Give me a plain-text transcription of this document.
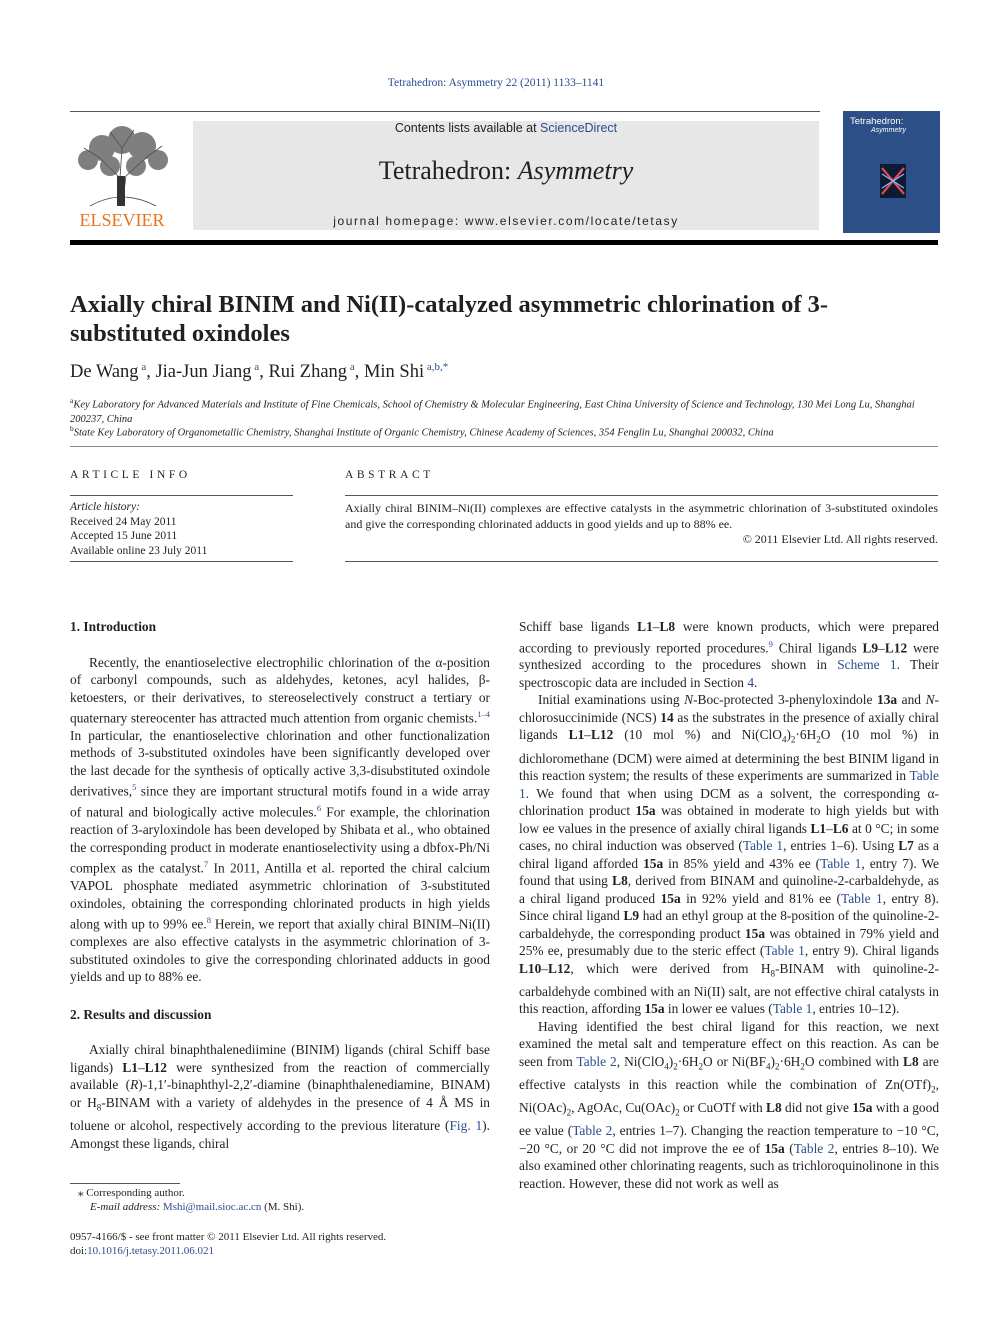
Tetrahedron: Asymmetry 22 (2011) 1133–1141
ELSEVIER
Contents lists available at ScienceDirect
Tetrahedron: Asymmetry
journal homepage: www.elsevier.com/locate/tetasy
Tetrahedron:
Asymmetry
Axially chiral BINIM and Ni(II)-catalyzed asymmetric chlorination of 3-substituted oxindoles
De Wang $^a$, Jia-Jun Jiang $^a$, Rui Zhang $^a$, Min Shi $^{a,b,*}$
$^a$Key Laboratory for Advanced Materials and Institute of Fine Chemicals, School of Chemistry & Molecular Engineering, East China University of Science and Technology, 130 Mei Long Lu, Shanghai 200237, China
$^b$State Key Laboratory of Organometallic Chemistry, Shanghai Institute of Organic Chemistry, Chinese Academy of Sciences, 354 Fenglin Lu, Shanghai 200032, China
ARTICLE INFO	ABSTRACT
Article history:
Received 24 May 2011
Accepted 15 June 2011
Available online 23 July 2011
Axially chiral BINIM–Ni(II) complexes are effective catalysts in the asymmetric chlorination of 3-substituted oxindoles and give the corresponding chlorinated adducts in good yields and up to 88% ee.
© 2011 Elsevier Ltd. All rights reserved.
1. Introduction

Recently, the enantioselective electrophilic chlorination of the α-position of carbonyl compounds, such as aldehydes, ketones, acyl halides, β-ketoesters, or their derivatives, to stereoselectively construct a tertiary or quaternary stereocenter has attracted much attention from organic chemists.$^{1-4}$ In particular, the enantioselective chlorination and other functionalization methods of 3-substituted oxindoles have been significantly developed over the last decade for the synthesis of optically active 3,3-disubstituted oxindole derivatives,$^5$ since they are important structural motifs found in a wide array of natural and biologically active molecules.$^6$ For example, the chlorination reaction of 3-aryloxindole has been developed by Shibata et al., who obtained the corresponding product in moderate enantioselectivity using a dbfox-Ph/Ni complex as the catalyst.$^7$ In 2011, Antilla et al. reported the chiral calcium VAPOL phosphate mediated asymmetric chlorination of 3-substituted oxindoles, obtaining the corresponding chlorinated products in high yields along with up to 99% ee.$^8$ Herein, we report that axially chiral BINIM–Ni(II) complexes are also effective catalysts in the asymmetric chlorination of 3-substituted oxindoles to give the corresponding chlorinated adducts in good yields and up to 88% ee.

2. Results and discussion

Axially chiral binaphthalenediimine (BINIM) ligands (chiral Schiff base ligands) L1–L12 were synthesized from the reaction of commercially available (R)-1,1′-binaphthyl-2,2′-diamine (binaphthalenediamine, BINAM) or $H_8$-BINAM with a variety of aldehydes in the presence of 4 Å MS in toluene or alcohol, respectively according to the previous literature (Fig. 1). Amongst these ligands, chiral

Schiff base ligands L1–L8 were known products, which were prepared according to previously reported procedures.$^9$ Chiral ligands L9–L12 were synthesized according to the procedures shown in Scheme 1. Their spectroscopic data are included in Section 4.

Initial examinations using N-Boc-protected 3-phenyloxindole 13a and N-chlorosuccinimide (NCS) 14 as the substrates in the presence of axially chiral ligands L1–L12 (10 mol %) and $Ni(ClO_4)_2\cdot 6H_2O$ (10 mol %) in dichloromethane (DCM) were aimed at determining the best BINIM ligand in this reaction system; the results of these experiments are summarized in Table 1. We found that when using DCM as a solvent, the corresponding α-chlorination product 15a was obtained in moderate to high yields but with low ee values in the presence of axially chiral ligands L1–L6 at 0 °C; in some cases, no chiral induction was observed (Table 1, entries 1–6). Using L7 as a chiral ligand afforded 15a in 85% yield and 43% ee (Table 1, entry 7). We found that using L8, derived from BINAM and quinoline-2-carbaldehyde, as a chiral ligand produced 15a in 92% yield and 81% ee (Table 1, entry 8). Since chiral ligand L9 had an ethyl group at the 8-position of the quinoline-2-carbaldehyde, the corresponding product 15a was obtained in 79% yield and 25% ee, presumably due to the steric effect (Table 1, entry 9). Chiral ligands L10–L12, which were derived from $H_8$-BINAM with quinoline-2-carbaldehyde combined with an Ni(II) salt, are not effective chiral catalysts in this reaction, affording 15a in lower ee values (Table 1, entries 10–12).

Having identified the best chiral ligand for this reaction, we next examined the metal salt and temperature effect on this reaction. As can be seen from Table 2, $Ni(ClO_4)_2\cdot 6H_2O$ or $Ni(BF_4)_2\cdot 6H_2O$ combined with L8 are effective catalysts in this reaction while the combination of $Zn(OTf)_2$, $Ni(OAc)_2$, AgOAc, $Cu(OAc)_2$ or CuOTf with L8 did not give 15a with a good ee value (Table 2, entries 1–7). Changing the reaction temperature to −10 °C, −20 °C, or 20 °C did not improve the ee of 15a (Table 2, entries 8–10). We also examined other chlorinating reagents, such as trichloroquinolinone in this reaction. However, these did not work as well as

⁎ Corresponding author.
E-mail address: Mshi@mail.sioc.ac.cn (M. Shi).
0957-4166/$ - see front matter © 2011 Elsevier Ltd. All rights reserved.
doi:10.1016/j.tetasy.2011.06.021
